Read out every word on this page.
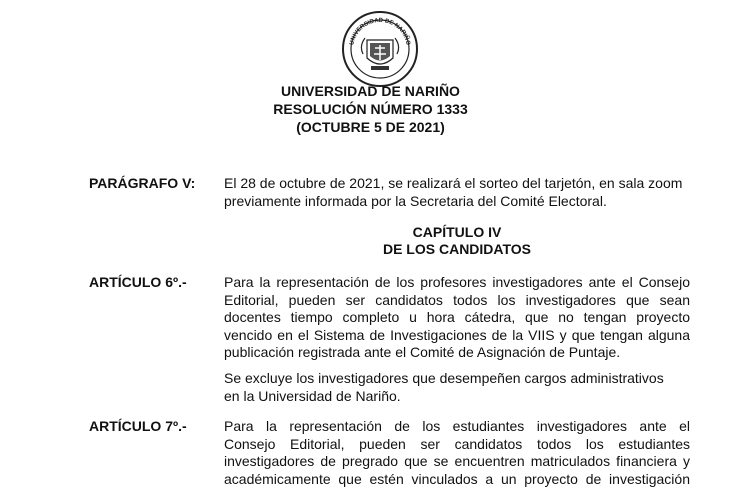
UNIVERSIDAD DE NARIÑO
UNIVERSIDAD DE NARIÑO
RESOLUCIÓN NÚMERO 1333
(OCTUBRE 5 DE 2021)
PARÁGRAFO V: El 28 de octubre de 2021, se realizará el sorteo del tarjetón, en sala zoom
previamente informada por la Secretaria del Comité Electoral.
CAPÍTULO IV
DE LOS CANDIDATOS
ARTÍCULO 6º.-	Para la representación de los profesores investigadores ante el Consejo
Editorial, pueden ser candidatos todos los investigadores que sean
docentes tiempo completo u hora cátedra, que no tengan proyecto
vencido en el Sistema de Investigaciones de la VIIS y que tengan alguna
publicación registrada ante el Comité de Asignación de Puntaje.
Se excluye los investigadores que desempeñen cargos administrativos
en la Universidad de Nariño.
ARTÍCULO 7º.-	Para la representación de los estudiantes investigadores ante el
Consejo Editorial, pueden ser candidatos todos los estudiantes
investigadores de pregrado que se encuentren matriculados financiera y
académicamente que estén vinculados a un proyecto de investigación
